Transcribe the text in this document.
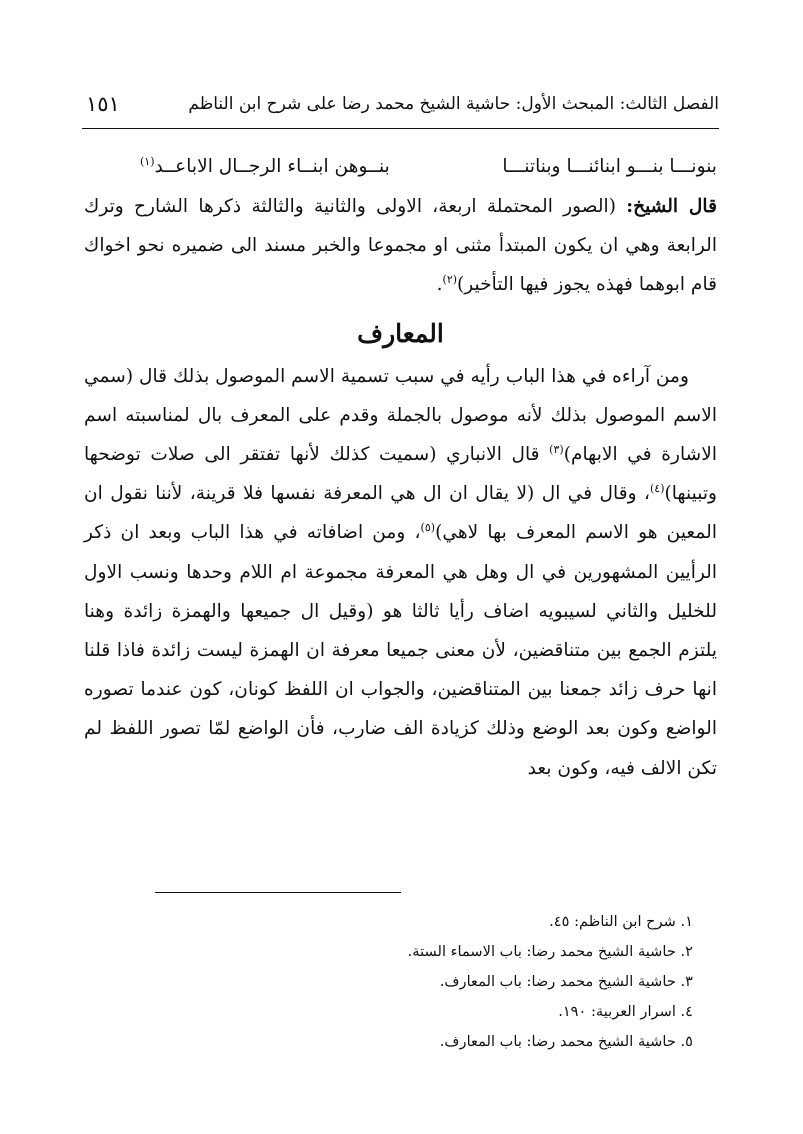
الفصل الثالث: المبحث الأول: حاشية الشيخ محمد رضا على شرح ابن الناظم
١٥١
بنونـــا بنـــو ابنائنـــا وبناتنـــا
بنــوهن ابنــاء الرجــال الاباعــد$^{(١)}$

قال الشيخ: (الصور المحتملة اربعة، الاولى والثانية والثالثة ذكرها الشارح وترك الرابعة وهي ان يكون المبتدأ مثنى او مجموعا والخبر مسند الى ضميره نحو اخواك قام ابوهما فهذه يجوز فيها التأخير)$^{(٢)}$.

المعارف

ومن آراءه في هذا الباب رأيه في سبب تسمية الاسم الموصول بذلك قال (سمي الاسم الموصول بذلك لأنه موصول بالجملة وقدم على المعرف بال لمناسبته اسم الاشارة في الابهام)$^{(٣)}$ قال الانباري (سميت كذلك لأنها تفتقر الى صلات توضحها وتبينها)$^{(٤)}$، وقال في ال (لا يقال ان ال هي المعرفة نفسها فلا قرينة، لأننا نقول ان المعين هو الاسم المعرف بها لاهي)$^{(٥)}$، ومن اضافاته في هذا الباب وبعد ان ذكر الرأيين المشهورين في ال وهل هي المعرفة مجموعة ام اللام وحدها ونسب الاول للخليل والثاني لسيبويه اضاف رأيا ثالثا هو (وقيل ال جميعها والهمزة زائدة وهنا يلتزم الجمع بين متناقضين، لأن معنى جميعا معرفة ان الهمزة ليست زائدة فاذا قلنا انها حرف زائد جمعنا بين المتناقضين، والجواب ان اللفظ كونان، كون عندما تصوره الواضع وكون بعد الوضع وذلك كزيادة الف ضارب، فأن الواضع لمّا تصور اللفظ لم تكن الالف فيه، وكون بعد

١. شرح ابن الناظم: ٤٥.
٢. حاشية الشيخ محمد رضا: باب الاسماء الستة.
٣. حاشية الشيخ محمد رضا: باب المعارف.
٤. اسرار العربية: ١٩٠.
٥. حاشية الشيخ محمد رضا: باب المعارف.
